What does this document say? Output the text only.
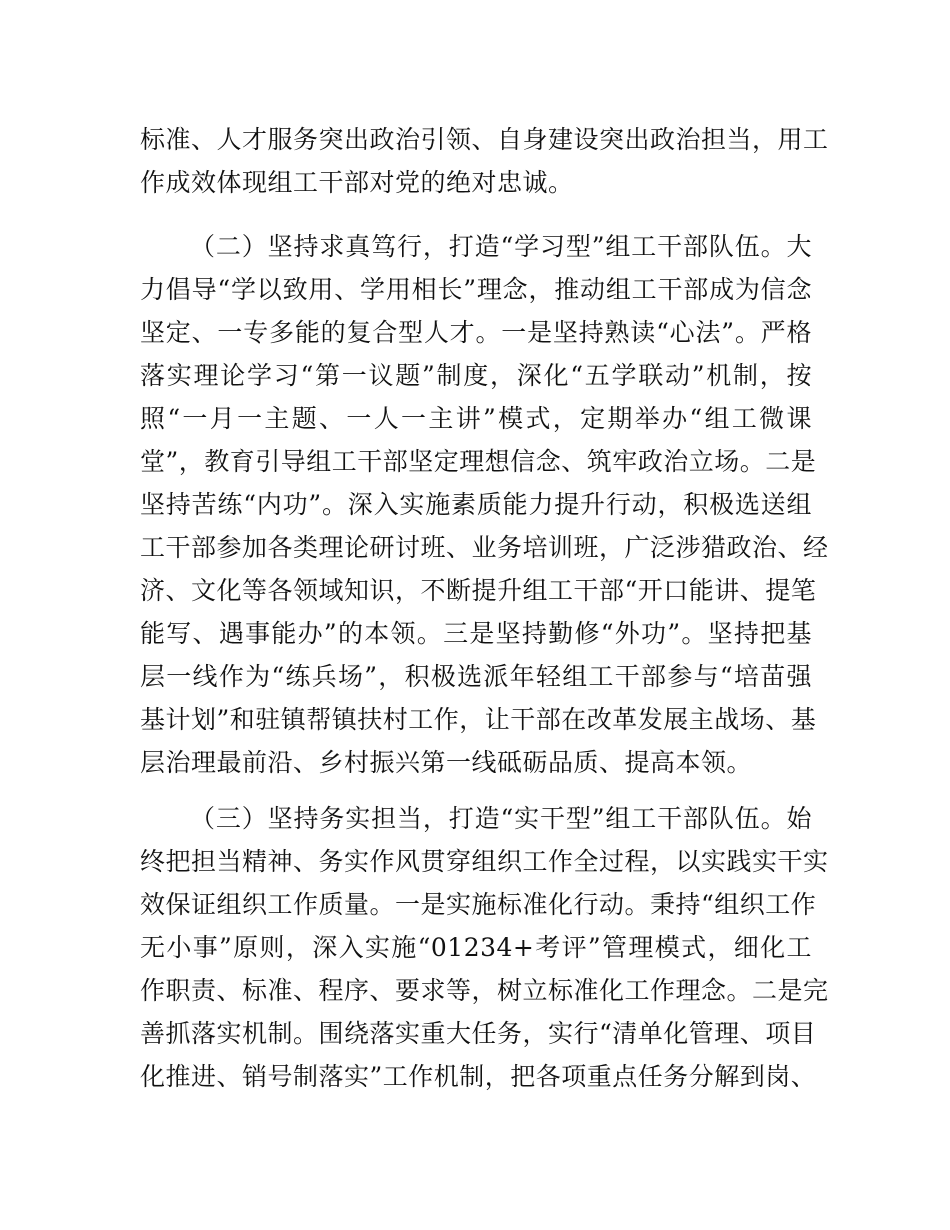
标准、人才服务突出政治引领、自身建设突出政治担当，用工
作成效体现组工干部对党的绝对忠诚。
（二）坚持求真笃行，打造“学习型”组工干部队伍。大
力倡导“学以致用、学用相长”理念，推动组工干部成为信念
坚定、一专多能的复合型人才。一是坚持熟读“心法”。严格
落实理论学习“第一议题”制度，深化“五学联动”机制，按
照“一月一主题、一人一主讲”模式，定期举办“组工微课
堂”，教育引导组工干部坚定理想信念、筑牢政治立场。二是
坚持苦练“内功”。深入实施素质能力提升行动，积极选送组
工干部参加各类理论研讨班、业务培训班，广泛涉猎政治、经
济、文化等各领域知识，不断提升组工干部“开口能讲、提笔
能写、遇事能办”的本领。三是坚持勤修“外功”。坚持把基
层一线作为“练兵场”，积极选派年轻组工干部参与“培苗强
基计划”和驻镇帮镇扶村工作，让干部在改革发展主战场、基
层治理最前沿、乡村振兴第一线砥砺品质、提高本领。
（三）坚持务实担当，打造“实干型”组工干部队伍。始
终把担当精神、务实作风贯穿组织工作全过程，以实践实干实
效保证组织工作质量。一是实施标准化行动。秉持“组织工作
无小事”原则，深入实施“01234+考评”管理模式，细化工
作职责、标准、程序、要求等，树立标准化工作理念。二是完
善抓落实机制。围绕落实重大任务，实行“清单化管理、项目
化推进、销号制落实”工作机制，把各项重点任务分解到岗、
